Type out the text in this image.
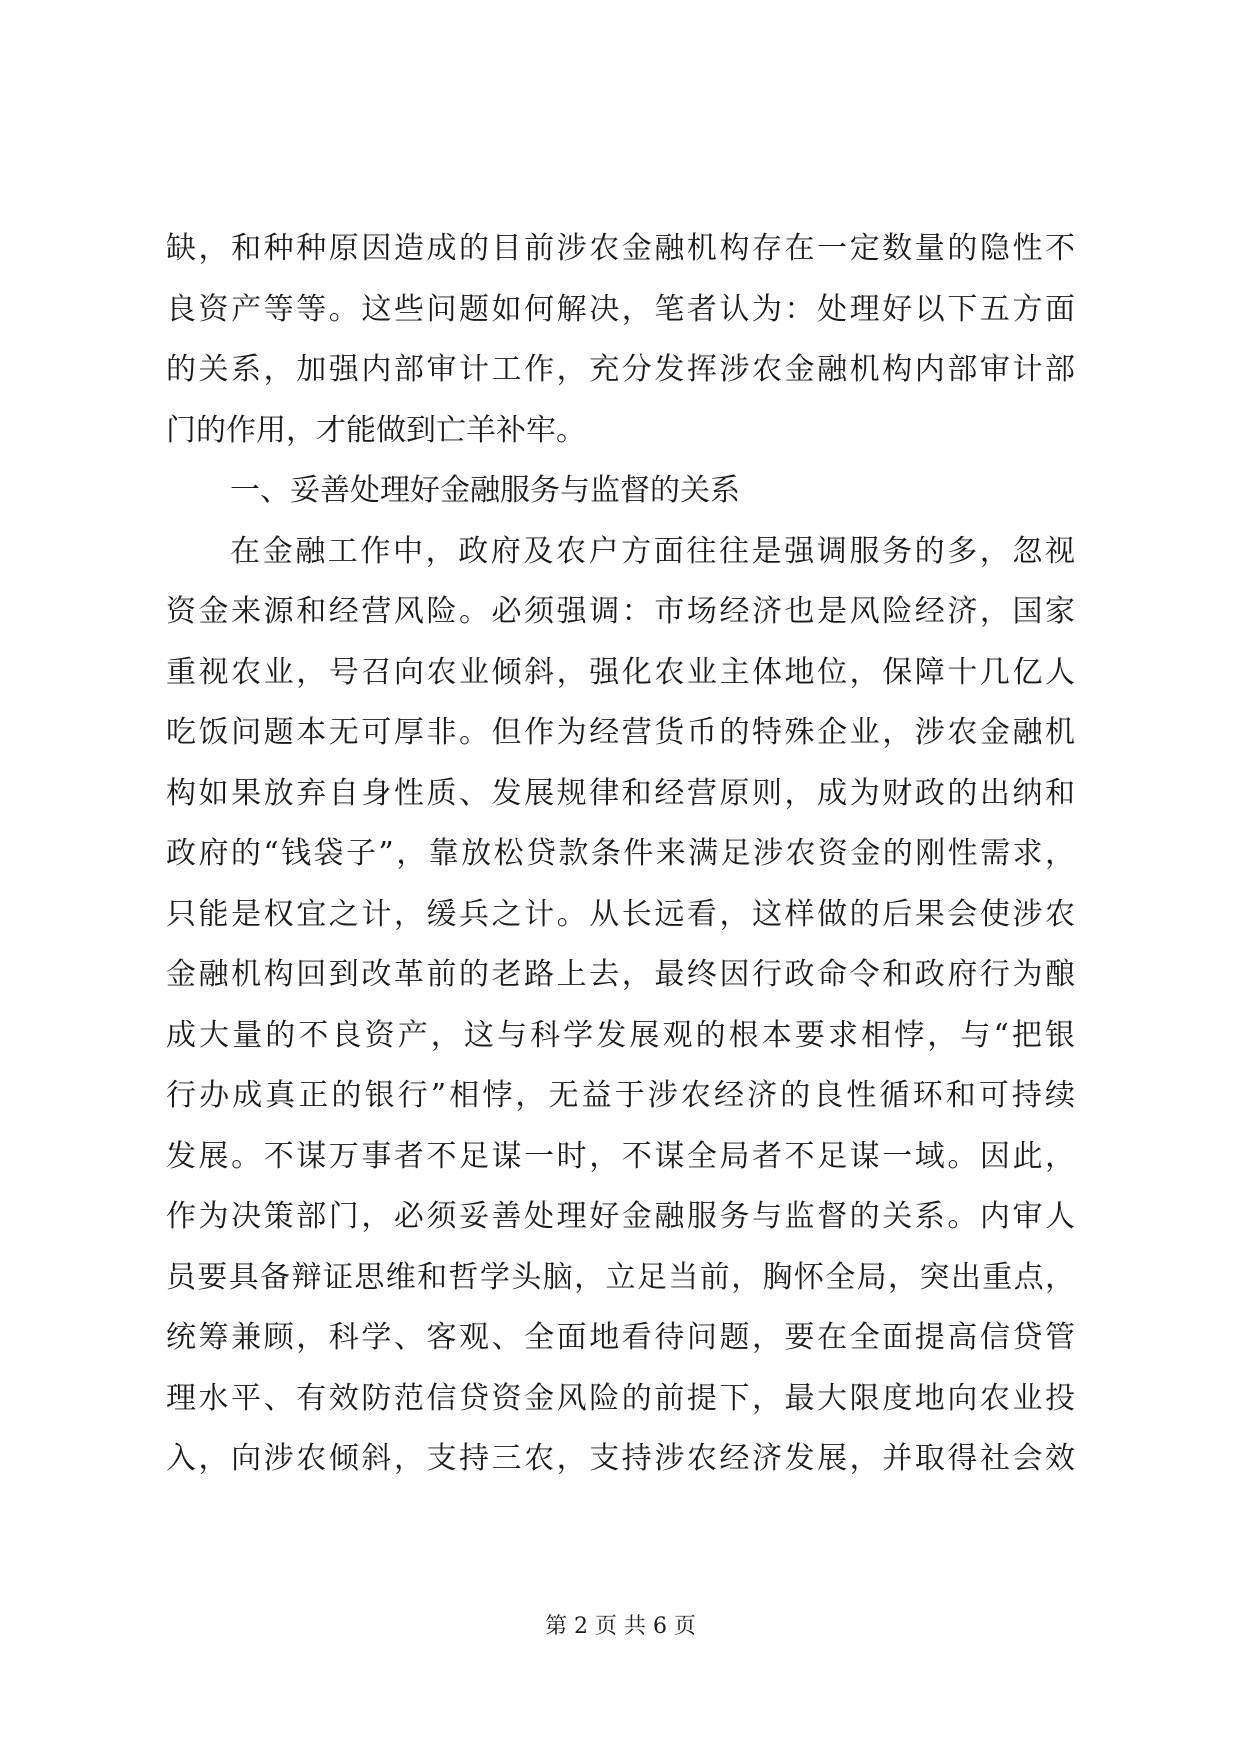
缺，和种种原因造成的目前涉农金融机构存在一定数量的隐性不
良资产等等。这些问题如何解决，笔者认为：处理好以下五方面
的关系，加强内部审计工作，充分发挥涉农金融机构内部审计部
门的作用，才能做到亡羊补牢。
一、妥善处理好金融服务与监督的关系
在金融工作中，政府及农户方面往往是强调服务的多，忽视
资金来源和经营风险。必须强调：市场经济也是风险经济，国家
重视农业，号召向农业倾斜，强化农业主体地位，保障十几亿人
吃饭问题本无可厚非。但作为经营货币的特殊企业，涉农金融机
构如果放弃自身性质、发展规律和经营原则，成为财政的出纳和
政府的“钱袋子”，靠放松贷款条件来满足涉农资金的刚性需求，
只能是权宜之计，缓兵之计。从长远看，这样做的后果会使涉农
金融机构回到改革前的老路上去，最终因行政命令和政府行为酿
成大量的不良资产，这与科学发展观的根本要求相悖，与“把银
行办成真正的银行”相悖，无益于涉农经济的良性循环和可持续
发展。不谋万事者不足谋一时，不谋全局者不足谋一域。因此，
作为决策部门，必须妥善处理好金融服务与监督的关系。内审人
员要具备辩证思维和哲学头脑，立足当前，胸怀全局，突出重点，
统筹兼顾，科学、客观、全面地看待问题，要在全面提高信贷管
理水平、有效防范信贷资金风险的前提下，最大限度地向农业投
入，向涉农倾斜，支持三农，支持涉农经济发展，并取得社会效
第 2 页 共 6 页
